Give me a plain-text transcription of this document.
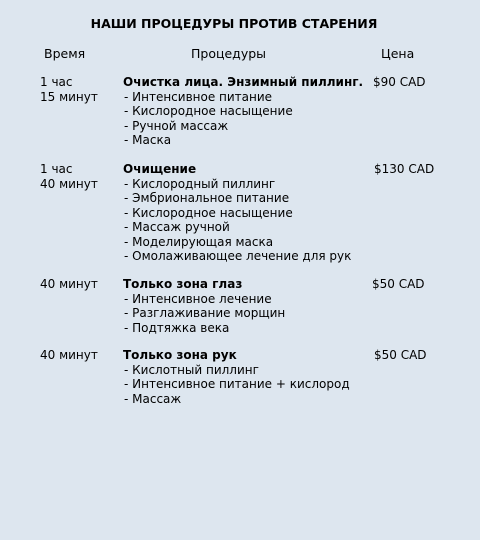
НАШИ ПРОЦЕДУРЫ ПРОТИВ СТАРЕНИЯ
Время	Процедуры	Цена
1 час
15 минут
Очистка лица. Энзимный пиллинг.
- Интенсивное питание
- Кислородное насыщение
- Ручной массаж
- Маска
$90 CAD
1 час
40 минут
Очищение
- Кислородный пиллинг
- Эмбриональное питание
- Кислородное насыщение
- Массаж ручной
- Моделирующая маска
- Омолаживающее лечение для рук
$130 CAD
40 минут Только зона глаз
- Интенсивное лечение
- Разглаживание морщин
- Подтяжка века
$50 CAD
40 минут Только зона рук
- Кислотный пиллинг
- Интенсивное питание + кислород
- Массаж
$50 CAD
